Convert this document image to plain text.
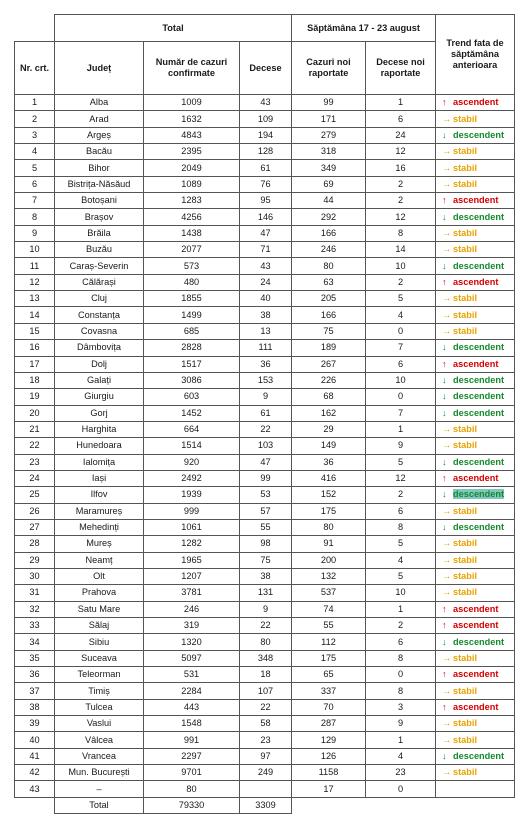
	Total			Săptămâna 17 - 23 august		Trend fata de săptămâna anterioara
Nr. crt.	Județ	Număr de cazuri confirmate	Decese	Cazuri noi raportate	Decese noi raportate	
1	Alba	1009	43	99	1	↑ ascendent
2	Arad	1632	109	171	6	→ stabil
3	Argeș	4843	194	279	24	↓ descendent
4	Bacău	2395	128	318	12	→ stabil
5	Bihor	2049	61	349	16	→ stabil
6	Bistrița-Năsăud	1089	76	69	2	→ stabil
7	Botoșani	1283	95	44	2	↑ ascendent
8	Brașov	4256	146	292	12	↓ descendent
9	Brăila	1438	47	166	8	→ stabil
10	Buzău	2077	71	246	14	→ stabil
11	Caraș-Severin	573	43	80	10	↓ descendent
12	Călărași	480	24	63	2	↑ ascendent
13	Cluj	1855	40	205	5	→ stabil
14	Constanța	1499	38	166	4	→ stabil
15	Covasna	685	13	75	0	→ stabil
16	Dâmbovița	2828	111	189	7	↓ descendent
17	Dolj	1517	36	267	6	↑ ascendent
18	Galați	3086	153	226	10	↓ descendent
19	Giurgiu	603	9	68	0	↓ descendent
20	Gorj	1452	61	162	7	↓ descendent
21	Harghita	664	22	29	1	→ stabil
22	Hunedoara	1514	103	149	9	→ stabil
23	Ialomița	920	47	36	5	↓ descendent
24	Iași	2492	99	416	12	↑ ascendent
25	Ilfov	1939	53	152	2	↓ descendent
26	Maramureș	999	57	175	6	→ stabil
27	Mehedinți	1061	55	80	8	↓ descendent
28	Mureș	1282	98	91	5	→ stabil
29	Neamț	1965	75	200	4	→ stabil
30	Olt	1207	38	132	5	→ stabil
31	Prahova	3781	131	537	10	→ stabil
32	Satu Mare	246	9	74	1	↑ ascendent
33	Sălaj	319	22	55	2	↑ ascendent
34	Sibiu	1320	80	112	6	↓ descendent
35	Suceava	5097	348	175	8	→ stabil
36	Teleorman	531	18	65	0	↑ ascendent
37	Timiș	2284	107	337	8	→ stabil
38	Tulcea	443	22	70	3	↑ ascendent
39	Vaslui	1548	58	287	9	→ stabil
40	Vâlcea	991	23	129	1	→ stabil
41	Vrancea	2297	97	126	4	↓ descendent
42	Mun. București	9701	249	1158	23	→ stabil
43	–	80		17	0	
	Total	79330	3309			
